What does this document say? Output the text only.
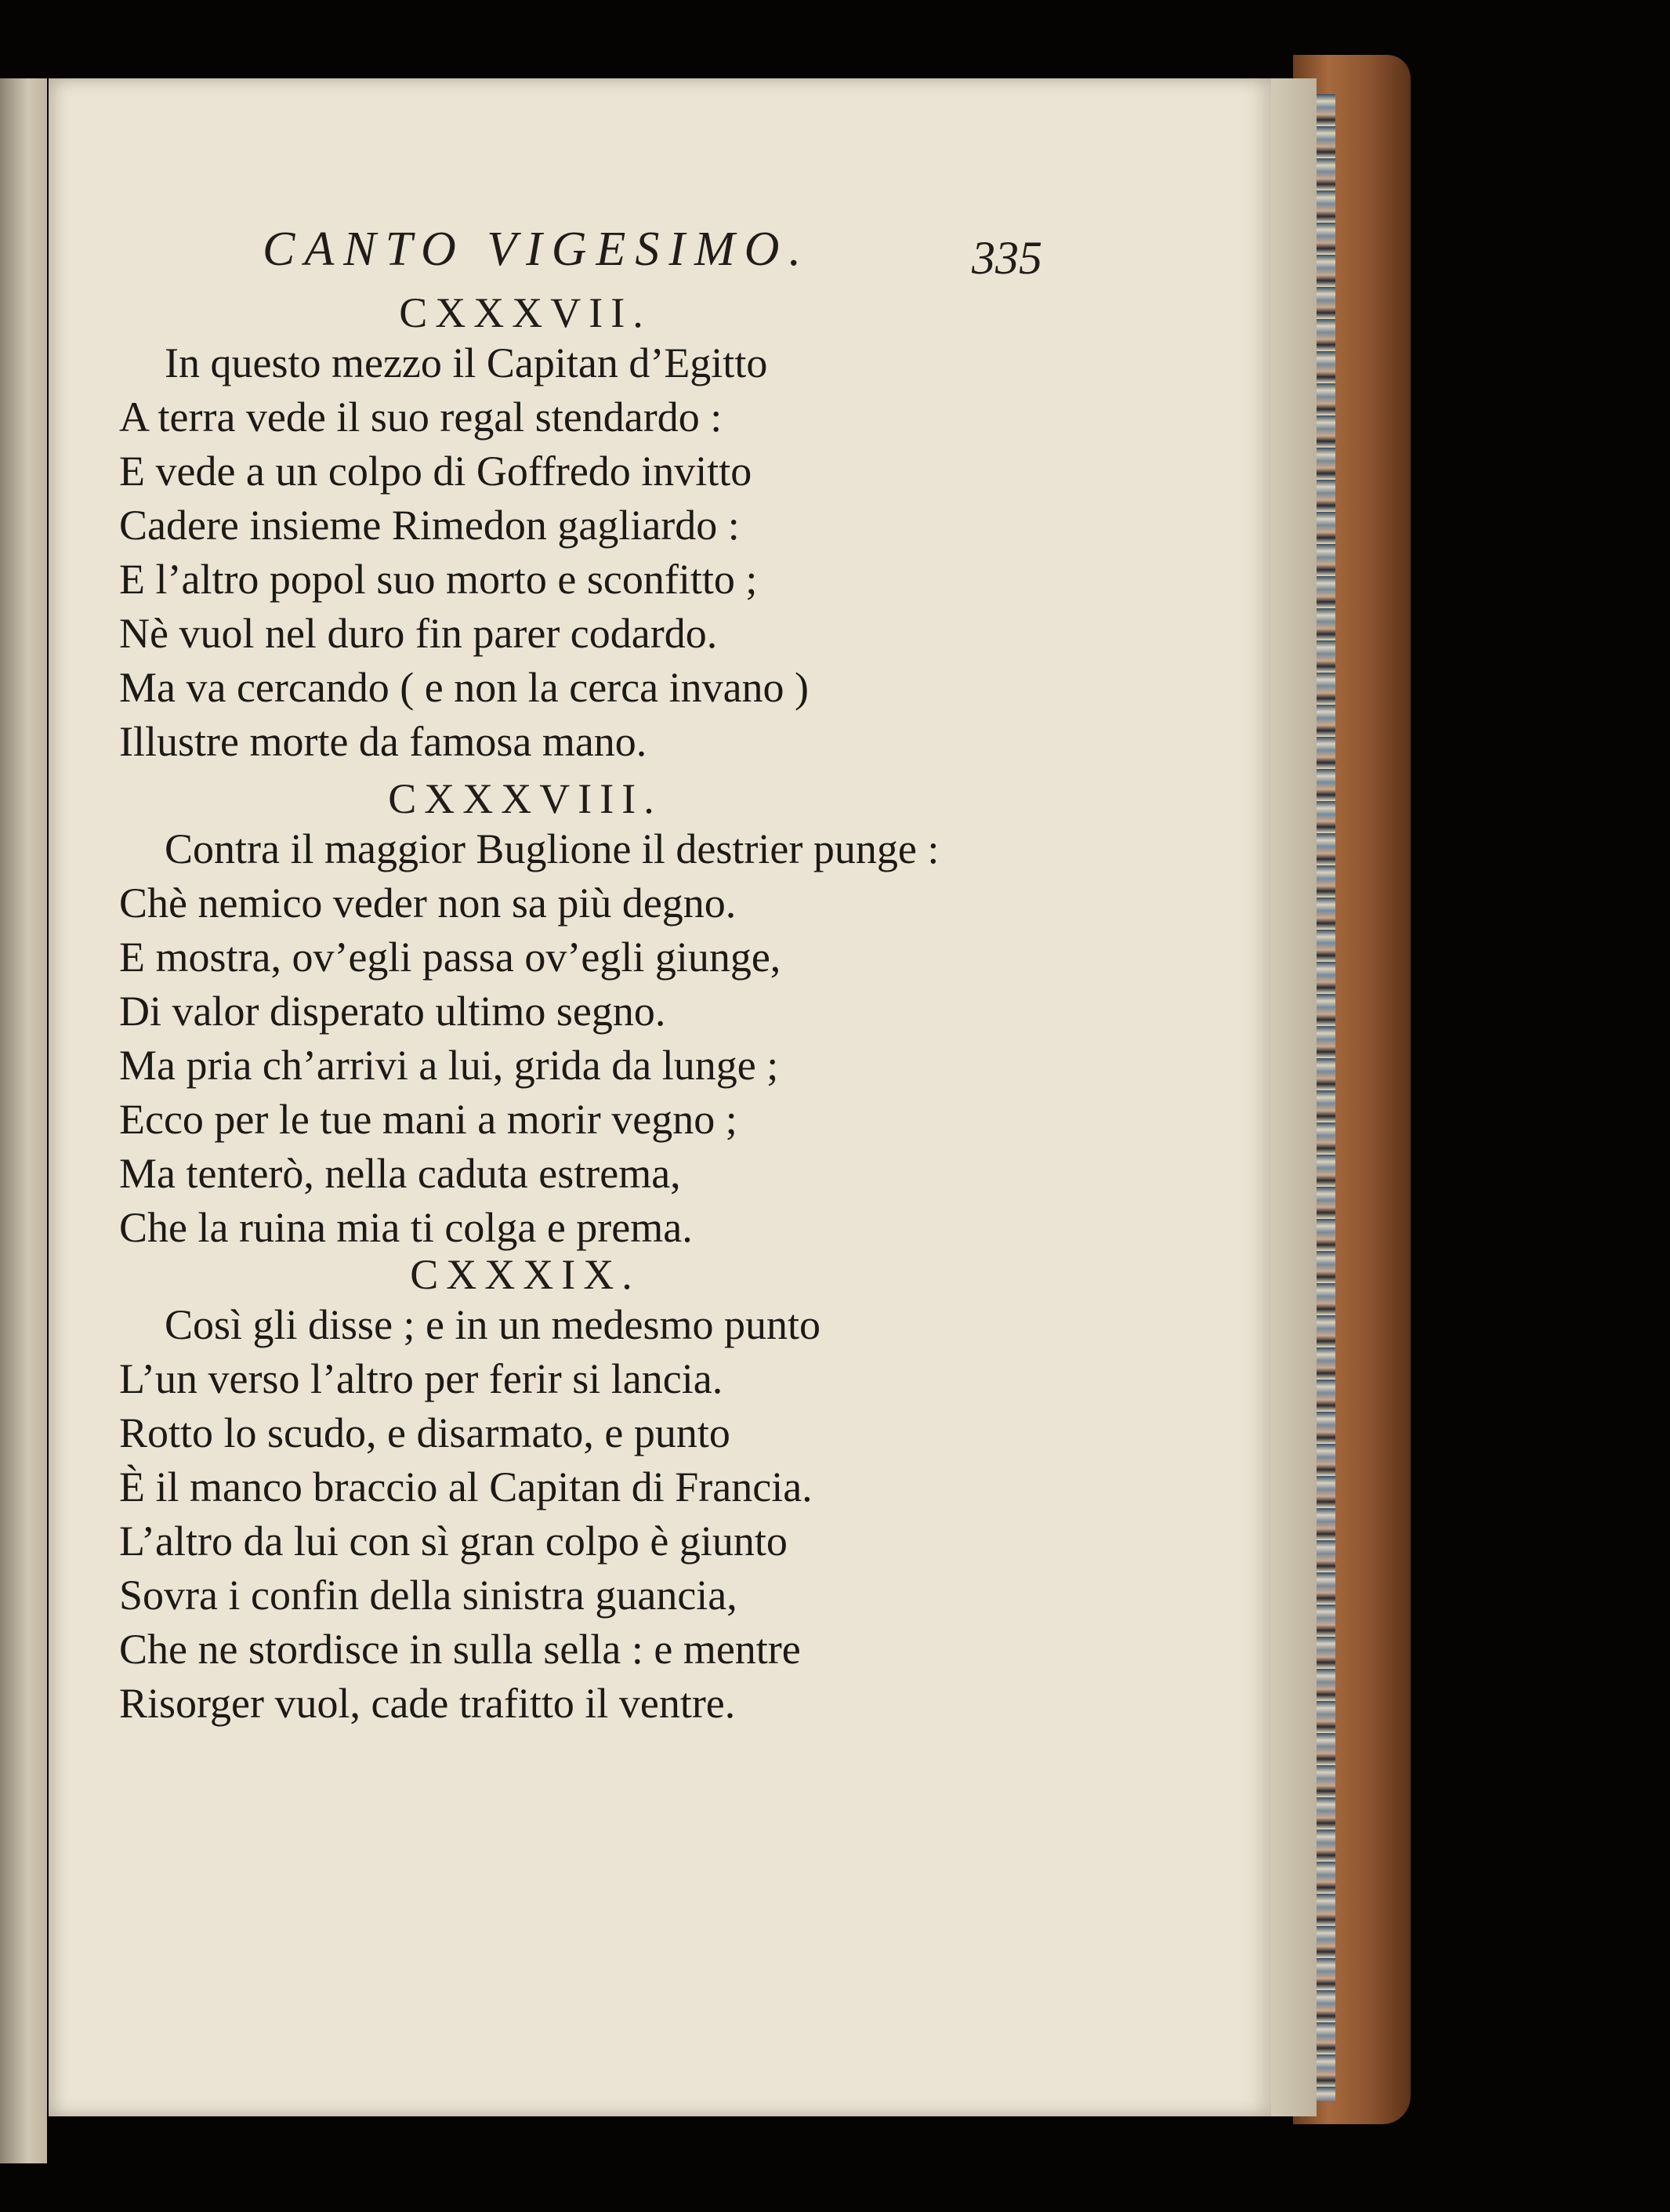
CANTO VIGESIMO.	335
CXXXVII.
In questo mezzo il Capitan d’Egitto
A terra vede il suo regal stendardo :
E vede a un colpo di Goffredo invitto
Cadere insieme Rimedon gagliardo :
E l’altro popol suo morto e sconfitto ;
Nè vuol nel duro fin parer codardo.
Ma va cercando ( e non la cerca invano )
Illustre morte da famosa mano.
CXXXVIII.
Contra il maggior Buglione il destrier punge :
Chè nemico veder non sa più degno.
E mostra, ov’egli passa ov’egli giunge,
Di valor disperato ultimo segno.
Ma pria ch’arrivi a lui, grida da lunge ;
Ecco per le tue mani a morir vegno ;
Ma tenterò, nella caduta estrema,
Che la ruina mia ti colga e prema.
CXXXIX.
Così gli disse ; e in un medesmo punto
L’un verso l’altro per ferir si lancia.
Rotto lo scudo, e disarmato, e punto
È il manco braccio al Capitan di Francia.
L’altro da lui con sì gran colpo è giunto
Sovra i confin della sinistra guancia,
Che ne stordisce in sulla sella : e mentre
Risorger vuol, cade trafitto il ventre.
